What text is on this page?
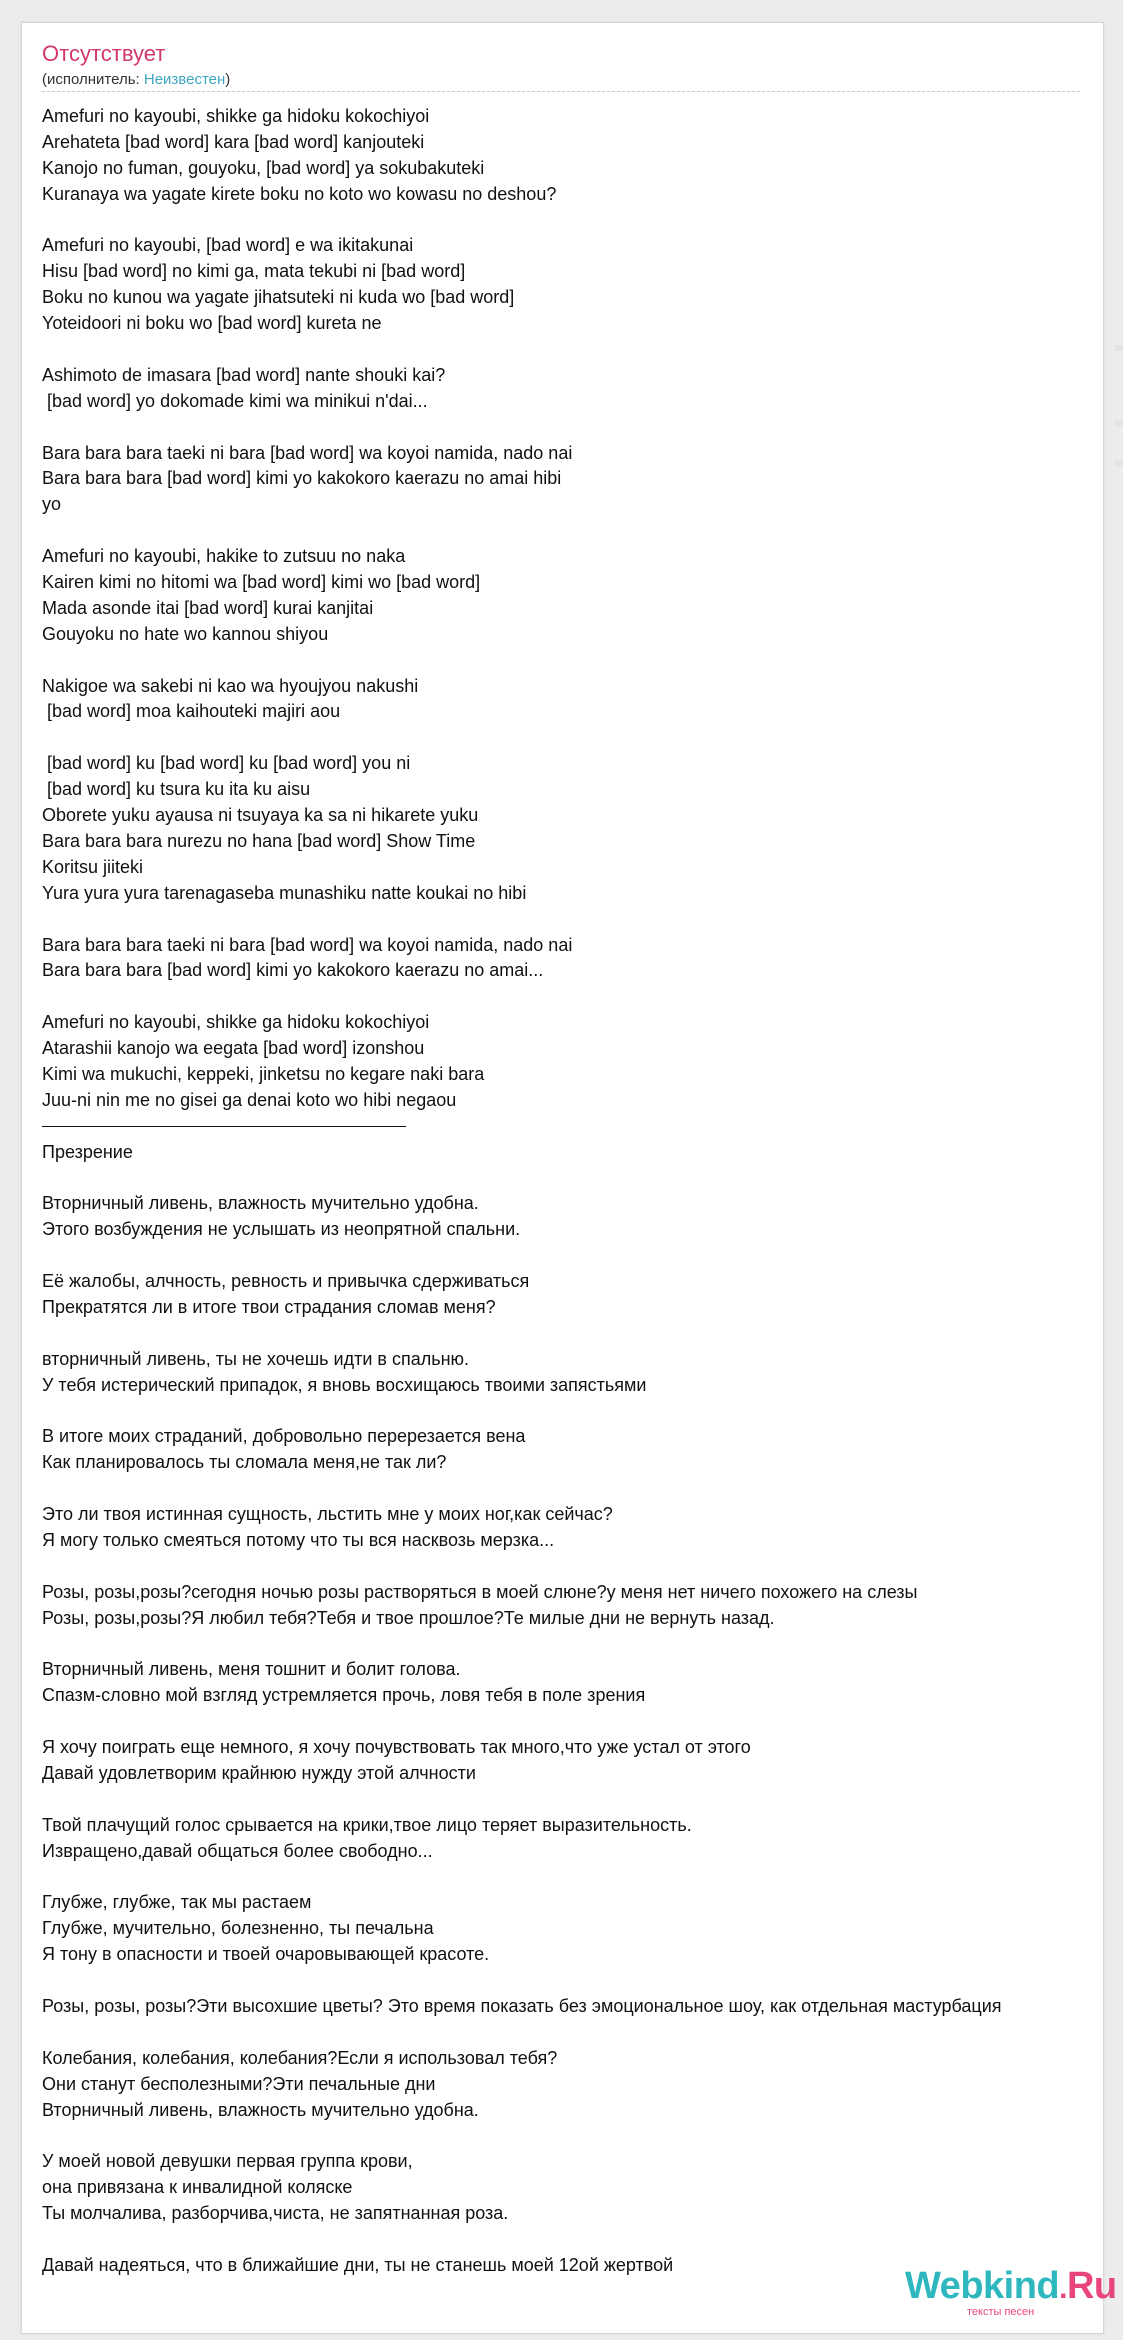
Отсутствует
(исполнитель: Неизвестен)
Amefuri no kayoubi, shikke ga hidoku kokochiyoi
Arehateta [bad word] kara [bad word] kanjouteki
Kanojo no fuman, gouyoku, [bad word] ya sokubakuteki
Kuranaya wa yagate kirete boku no koto wo kowasu no deshou?
Amefuri no kayoubi, [bad word] e wa ikitakunai
Hisu [bad word] no kimi ga, mata tekubi ni [bad word]
Boku no kunou wa yagate jihatsuteki ni kuda wo [bad word]
Yoteidoori ni boku wo [bad word] kureta ne
Ashimoto de imasara [bad word] nante shouki kai?
[bad word] yo dokomade kimi wa minikui n'dai...
Bara bara bara taeki ni bara [bad word] wa koyoi namida, nado nai
Bara bara bara [bad word] kimi yo kakokoro kaerazu no amai hibi
yo
Amefuri no kayoubi, hakike to zutsuu no naka
Kairen kimi no hitomi wa [bad word] kimi wo [bad word]
Mada asonde itai [bad word] kurai kanjitai
Gouyoku no hate wo kannou shiyou
Nakigoe wa sakebi ni kao wa hyoujyou nakushi
[bad word] moa kaihouteki majiri aou
[bad word] ku [bad word] ku [bad word] you ni
[bad word] ku tsura ku ita ku aisu
Oborete yuku ayausa ni tsuyaya ka sa ni hikarete yuku
Bara bara bara nurezu no hana [bad word] Show Time
Koritsu jiiteki
Yura yura yura tarenagaseba munashiku natte koukai no hibi
Bara bara bara taeki ni bara [bad word] wa koyoi namida, nado nai
Bara bara bara [bad word] kimi yo kakokoro kaerazu no amai...
Amefuri no kayoubi, shikke ga hidoku kokochiyoi
Atarashii kanojo wa eegata [bad word] izonshou
Kimi wa mukuchi, keppeki, jinketsu no kegare naki bara
Juu-ni nin me no gisei ga denai koto wo hibi negaou
Презрение
Вторничный ливень, влажность мучительно удобна.
Этого возбуждения не услышать из неопрятной спальни.
Её жалобы, алчность, ревность и привычка сдерживаться
Прекратятся ли в итоге твои страдания сломав меня?
вторничный ливень, ты не хочешь идти в спальню.
У тебя истерический припадок, я вновь восхищаюсь твоими запястьями
В итоге моих страданий, добровольно перерезается вена
Как планировалось ты сломала меня,не так ли?
Это ли твоя истинная сущность, льстить мне у моих ног,как сейчас?
Я могу только смеяться потому что ты вся насквозь мерзка...
Розы, розы,розы?сегодня ночью розы растворяться в моей слюне?у меня нет ничего похожего на слезы
Розы, розы,розы?Я любил тебя?Тебя и твое прошлое?Те милые дни не вернуть назад.
Вторничный ливень, меня тошнит и болит голова.
Спазм-словно мой взгляд устремляется прочь, ловя тебя в поле зрения
Я хочу поиграть еще немного, я хочу почувствовать так много,что уже устал от этого
Давай удовлетворим крайнюю нужду этой алчности
Твой плачущий голос срывается на крики,твое лицо теряет выразительность.
Извращено,давай общаться более свободно...
Глубже, глубже, так мы растаем
Глубже, мучительно, болезненно, ты печальна
Я тону в опасности и твоей очаровывающей красоте.
Розы, розы, розы?Эти высохшие цветы? Это время показать без эмоциональное шоу, как отдельная мастурбация
Колебания, колебания, колебания?Если я использовал тебя?
Они станут бесполезными?Эти печальные дни
Вторничный ливень, влажность мучительно удобна.
У моей новой девушки первая группа крови,
она привязана к инвалидной коляске
Ты молчалива, разборчива,чиста, не запятнанная роза.
Давай надеяться, что в ближайшие дни, ты не станешь моей 12ой жертвой
Webkind.Ru
тексты песен
